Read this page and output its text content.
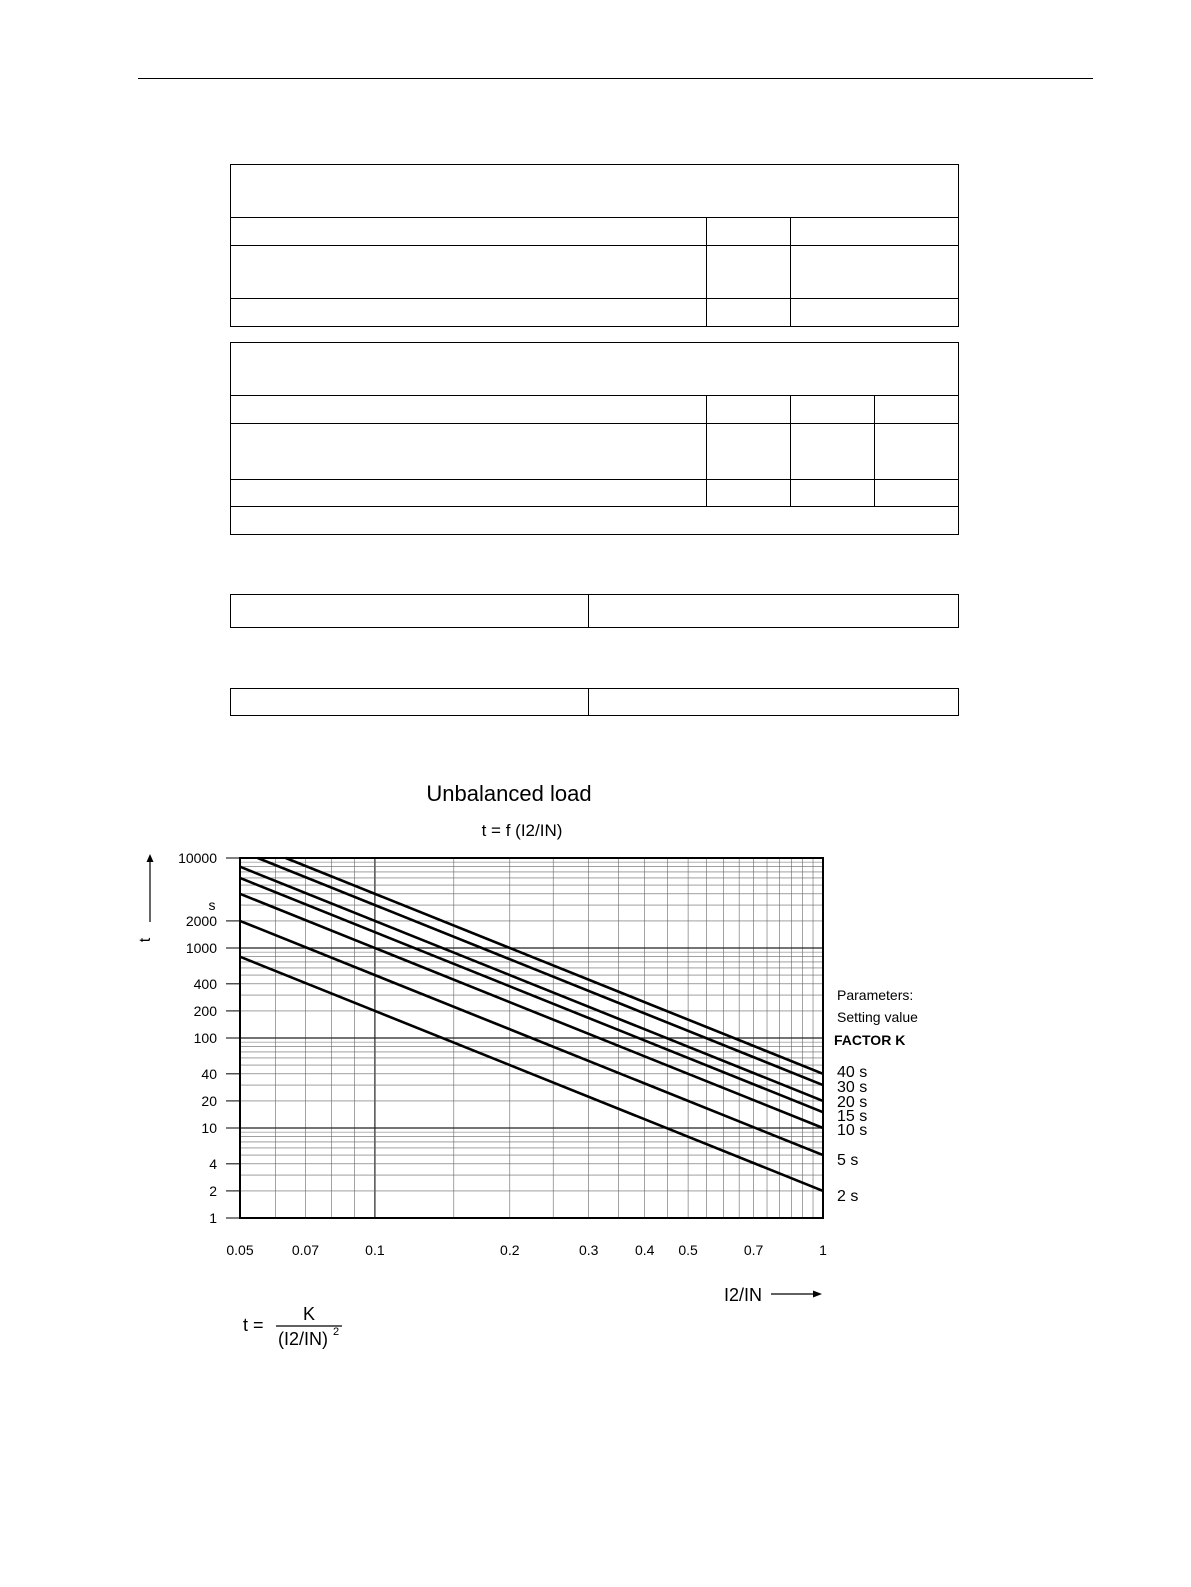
Unbalanced load
t = f (I2/IN)
10000
2000
1000
400
200
100
40
20
10
4
2
1
0.05	0.07	0.1	0.2	0.3	0.4 0.5	0.7	1
40 s
30 s
20 s
15 s
10 s
5 s
2 s
s
t
I2/IN
Parameters:
Setting value
FACTOR K
t =
K
(I2/IN) 2
